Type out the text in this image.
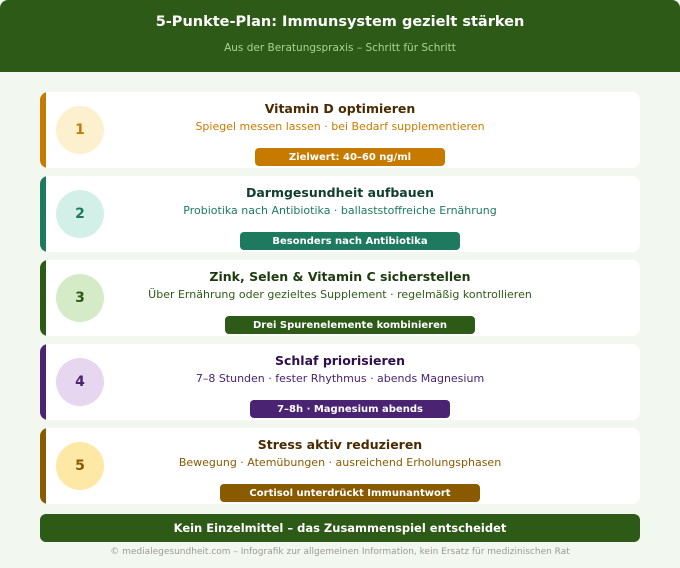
5-Punkte-Plan: Immunsystem gezielt stärken
Aus der Beratungspraxis – Schritt für Schritt
1
Vitamin D optimieren
Spiegel messen lassen · bei Bedarf supplementieren
Zielwert: 40–60 ng/ml
2
Darmgesundheit aufbauen
Probiotika nach Antibiotika · ballaststoffreiche Ernährung
Besonders nach Antibiotika
3
Zink, Selen & Vitamin C sicherstellen
Über Ernährung oder gezieltes Supplement · regelmäßig kontrollieren
Drei Spurenelemente kombinieren
4
Schlaf priorisieren
7–8 Stunden · fester Rhythmus · abends Magnesium
7–8h · Magnesium abends
5
Stress aktiv reduzieren
Bewegung · Atemübungen · ausreichend Erholungsphasen
Cortisol unterdrückt Immunantwort
Kein Einzelmittel – das Zusammenspiel entscheidet
© medialegesundheit.com – Infografik zur allgemeinen Information, kein Ersatz für medizinischen Rat
